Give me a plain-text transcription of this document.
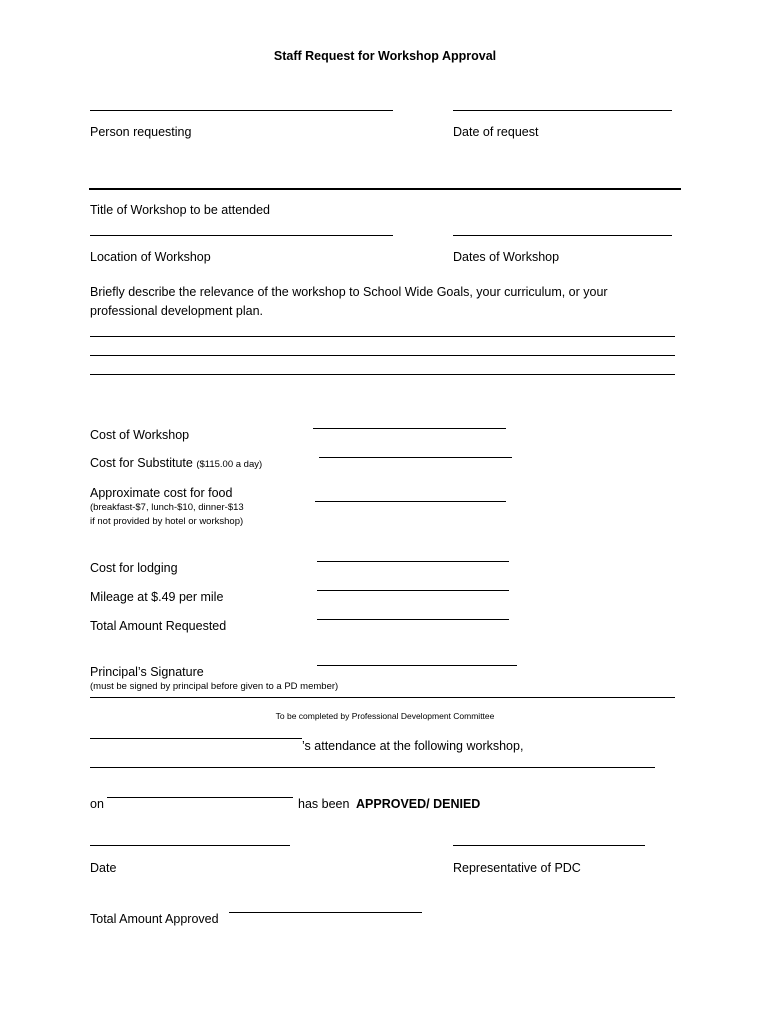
Staff Request for Workshop Approval
Person requesting	Date of request
Title of Workshop to be attended
Location of Workshop	Dates of Workshop
Briefly describe the relevance of the workshop to School Wide Goals, your curriculum, or your
professional development plan.
Cost of Workshop
Cost for Substitute ($115.00 a day)
Approximate cost for food
(breakfast-$7, lunch-$10, dinner-$13
if not provided by hotel or workshop)
Cost for lodging
Mileage at $.49 per mile
Total Amount Requested
Principal’s Signature
(must be signed by principal before given to a PD member)
To be completed by Professional Development Committee
’s attendance at the following workshop,
on	has been APPROVED/ DENIED
Date	Representative of PDC
Total Amount Approved
